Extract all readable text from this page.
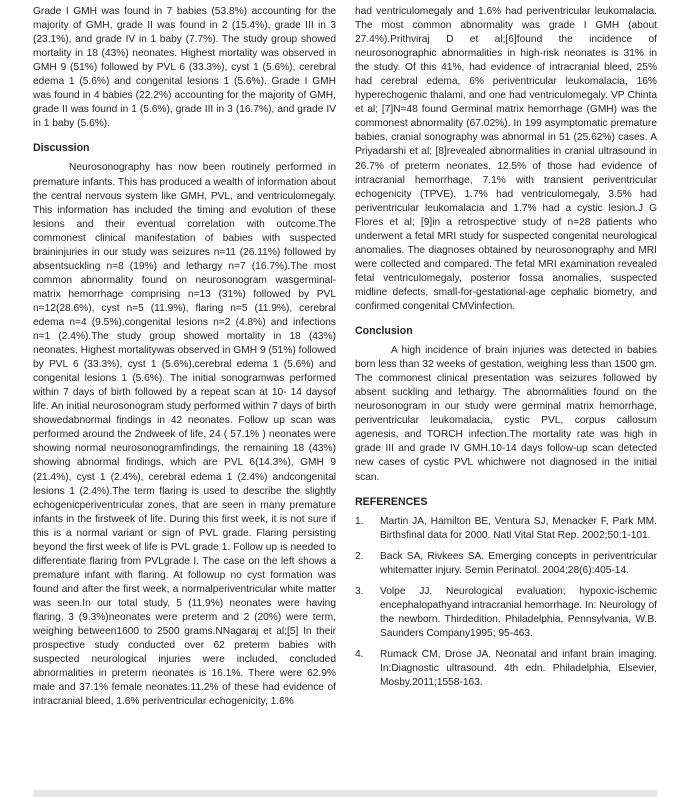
Grade I GMH was found in 7 babies (53.8%) accounting for the majority of GMH, grade II was found in 2 (15.4%), grade III in 3 (23.1%), and grade IV in 1 baby (7.7%). The study group showed mortality in 18 (43%) neonates. Highest mortality was observed in GMH 9 (51%) followed by PVL 6 (33.3%), cyst 1 (5.6%), cerebral edema 1 (5.6%) and congenital lesions 1 (5.6%). Grade I GMH was found in 4 babies (22.2%) accounting for the majority of GMH, grade II was found in 1 (5.6%), grade III in 3 (16.7%), and grade IV in 1 baby (5.6%).

Discussion

Neurosonography has now been routinely performed in premature infants. This has produced a wealth of information about the central nervous system like GMH, PVL, and ventriculomegaly. This information has included the timing and evolution of these lesions and their eventual correlation with outcome.The commonest clinical manifestation of babies with suspected braininjuries in our study was seizures n=11 (26.11%) followed by absentsuckling n=8 (19%) and lethargy n=7 (16.7%).The most common abnormality found on neurosonogram wasgerminal- matrix hemorrhage comprising n=13 (31%) followed by PVL n=12(28.6%), cyst n=5 (11.9%), flaring n=5 (11.9%), cerebral edema n=4 (9.5%),congenital lesions n=2 (4.8%) and infections n=1 (2.4%).The study group showed mortality in 18 (43%) neonates. Highest mortalitywas observed in GMH 9 (51%) followed by PVL 6 (33.3%), cyst 1 (5.6%),cerebral edema 1 (5.6%) and congenital lesions 1 (5.6%). The initial sonogramwas performed within 7 days of birth followed by a repeat scan at 10- 14 daysof life. An initial neurosonogram study performed within 7 days of birth showedabnormal findings in 42 neonates. Follow up scan was performed around the 2ndweek of life, 24 ( 57.1% ) neonates were showing normal neurosonogramfindings, the remaining 18 (43%) showing abnormal findings, which are PVL 6(14.3%), GMH 9 (21.4%), cyst 1 (2.4%), cerebral edema 1 (2.4%) andcongenital lesions 1 (2.4%).The term flaring is used to describe the slightly echogenicperiventricular zones, that are seen in many premature infants in the firstweek of life. During this first week, it is not sure if this is a normal variant or sign of PVL grade. Flaring persisting beyond the first week of life is PVL grade 1. Follow up is needed to differentiate flaring from PVLgrade I. The case on the left shows a premature infant with flaring. At followup no cyst formation was found and after the first week, a normalperiventricular white matter was seen.In our total study, 5 (11.9%) neonates were having flaring, 3 (9.3%)neonates were preterm and 2 (20%) were term, weighing between1600 to 2500 grams.NNagaraj et al;[5] In their prospective study conducted over 62 preterm babies with suspected neurological injuries were included, concluded abnormalities in preterm neonates is 16.1%. There were 62.9% male and 37.1% female neonates.11.2% of these had evidence of intracranial bleed, 1.6% periventricular echogenicity, 1.6%

had ventriculomegaly and 1.6% had periventricular leukomalacia. The most common abnormality was grade I GMH (about 27.4%).Prithviraj D et al;[6]found the incidence of neurosonographic abnormalities in high-risk neonates is 31% in the study. Of this 41%, had evidence of intracranial bleed, 25% had cerebral edema, 6% periventricular leukomalacia, 16% hyperechogenic thalami, and one had ventriculomegaly. VP Chinta et al; [7]N=48 found Germinal matrix hemorrhage (GMH) was the commonest abnormality (67.02%). In 199 asymptomatic premature babies, cranial sonography was abnormal in 51 (25.62%) cases. A Priyadarshi et al; [8]revealed abnormalities in cranial ultrasound in 26.7% of preterm neonates. 12.5% of those had evidence of intracranial hemorrhage, 7.1% with transient periventricular echogenicity (TPVE), 1.7% had ventriculomegaly, 3.5% had periventricular leukomalacia and 1.7% had a cystic lesion.J G Flores et al; [9]in a retrospective study of n=28 patients who underwent a fetal MRI study for suspected congenital neurological anomalies. The diagnoses obtained by neurosonography and MRI were collected and compared. The fetal MRI examination revealed fetal ventriculomegaly, posterior fossa anomalies, suspected midline defects, small-for-gestational-age cephalic biometry, and confirmed congenital CMVinfection.

Conclusion

A high incidence of brain injuries was detected in babies born less than 32 weeks of gestation, weighing less than 1500 gm. The commonest clinical presentation was seizures followed by absent suckling and lethargy. The abnormalities found on the neurosonogram in our study were germinal matrix hemorrhage, periventricular leukomalacia, cystic PVL, corpus callosum agenesis, and TORCH infection.The mortality rate was high in grade III and grade IV GMH.10-14 days follow-up scan detected new cases of cystic PVL whichwere not diagnosed in the initial scan.

REFERENCES
1.	Martin JA, Hamilton BE, Ventura SJ, Menacker F, Park MM. Birthsfinal data for 2000. Natl Vital Stat Rep. 2002;50:1-101.
2.	Back SA, Rivkees SA. Emerging concepts in periventricular whitematter injury. Semin Perinatol. 2004;28(6):405-14.
3.	Volpe JJ. Neurological evaluation; hypoxic-ischemic encephalopathyand intracranial hemorrhage. In: Neurology of the newborn. Thirdedition. Philadelphia, Pennsylvania, W.B. Saunders Company1995; 95-463.
4.	Rumack CM, Drose JA. Neonatal and infant brain imaging. In:Diagnostic ultrasound. 4th edn. Philadelphia, Elsevier, Mosby.2011;1558-163.
